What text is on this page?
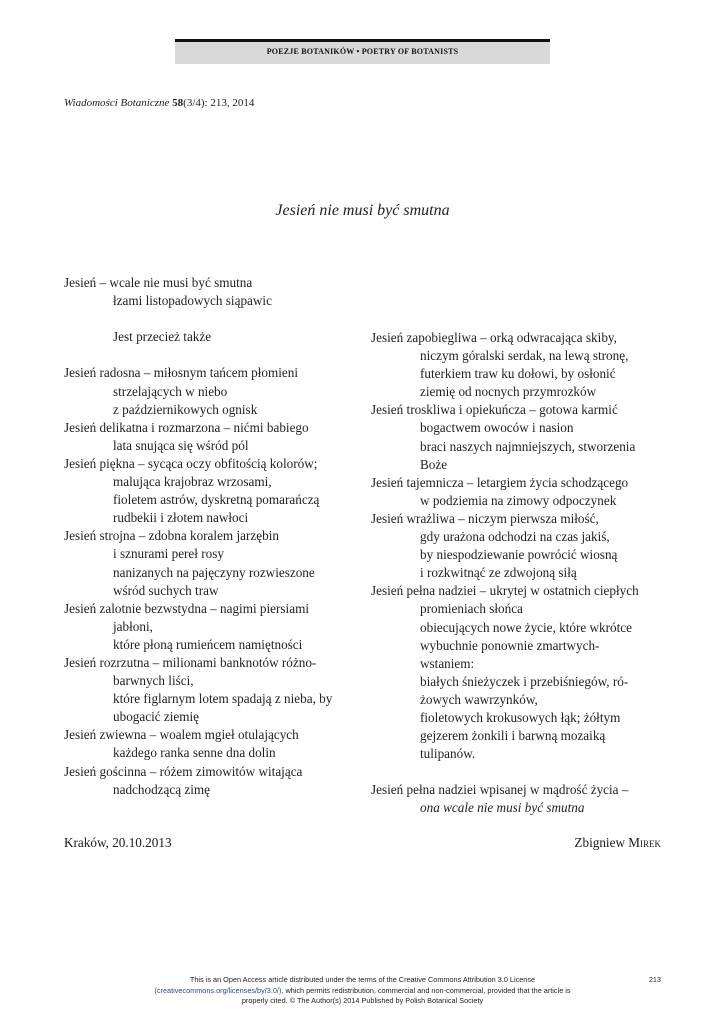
POEZJE BOTANIKÓW • POETRY OF BOTANISTS
Wiadomości Botaniczne 58(3/4): 213, 2014
Jesień nie musi być smutna
Jesień – wcale nie musi być smutna
łzami listopadowych siąpawic
Jest przecież także
Jesień radosna – miłosnym tańcem płomieni
strzelających w niebo
z październikowych ognisk
Jesień delikatna i rozmarzona – nićmi babiego
lata snująca się wśród pól
Jesień piękna – sycąca oczy obfitością kolorów;
malująca krajobraz wrzosami,
fioletem astrów, dyskretną pomarańczą
rudbekii i złotem nawłoci
Jesień strojna – zdobna koralem jarzębin
i sznurami pereł rosy
nanizanych na pajęczyny rozwieszone
wśród suchych traw
Jesień zalotnie bezwstydna – nagimi piersiami
jabłoni,
które płoną rumieńcem namiętności
Jesień rozrzutna – milionami banknotów różno-
barwnych liści,
które figlarnym lotem spadają z nieba, by
ubogacić ziemię
Jesień zwiewna – woalem mgieł otulających
każdego ranka senne dna dolin
Jesień gościnna – różem zimowitów witająca
nadchodzącą zimę
Jesień zapobiegliwa – orką odwracająca skiby,
niczym góralski serdak, na lewą stronę,
futerkiem traw ku dołowi, by osłonić
ziemię od nocnych przymrozków
Jesień troskliwa i opiekuńcza – gotowa karmić
bogactwem owoców i nasion
braci naszych najmniejszych, stworzenia
Boże
Jesień tajemnicza – letargiem życia schodzącego
w podziemia na zimowy odpoczynek
Jesień wrażliwa – niczym pierwsza miłość,
gdy urażona odchodzi na czas jakiś,
by niespodziewanie powrócić wiosną
i rozkwitnąć ze zdwojoną siłą
Jesień pełna nadziei – ukrytej w ostatnich ciepłych
promieniach słońca
obiecujących nowe życie, które wkrótce
wybuchnie ponownie zmartwych-
wstaniem:
białych śnieżyczek i przebiśniegów, ró-
żowych wawrzynków,
fioletowych krokusowych łąk; żółtym
gejzerem żonkili i barwną mozaiką
tulipanów.
Jesień pełna nadziei wpisanej w mądrość życia –
ona wcale nie musi być smutna
Kraków, 20.10.2013	Zbigniew Mirek
This is an Open Access article distributed under the terms of the Creative Commons Attribution 3.0 License
(creativecommons.org/licenses/by/3.0/), which permits redistribution, commercial and non-commercial, provided that the article is
properly cited. © The Author(s) 2014 Published by Polish Botanical Society
213
